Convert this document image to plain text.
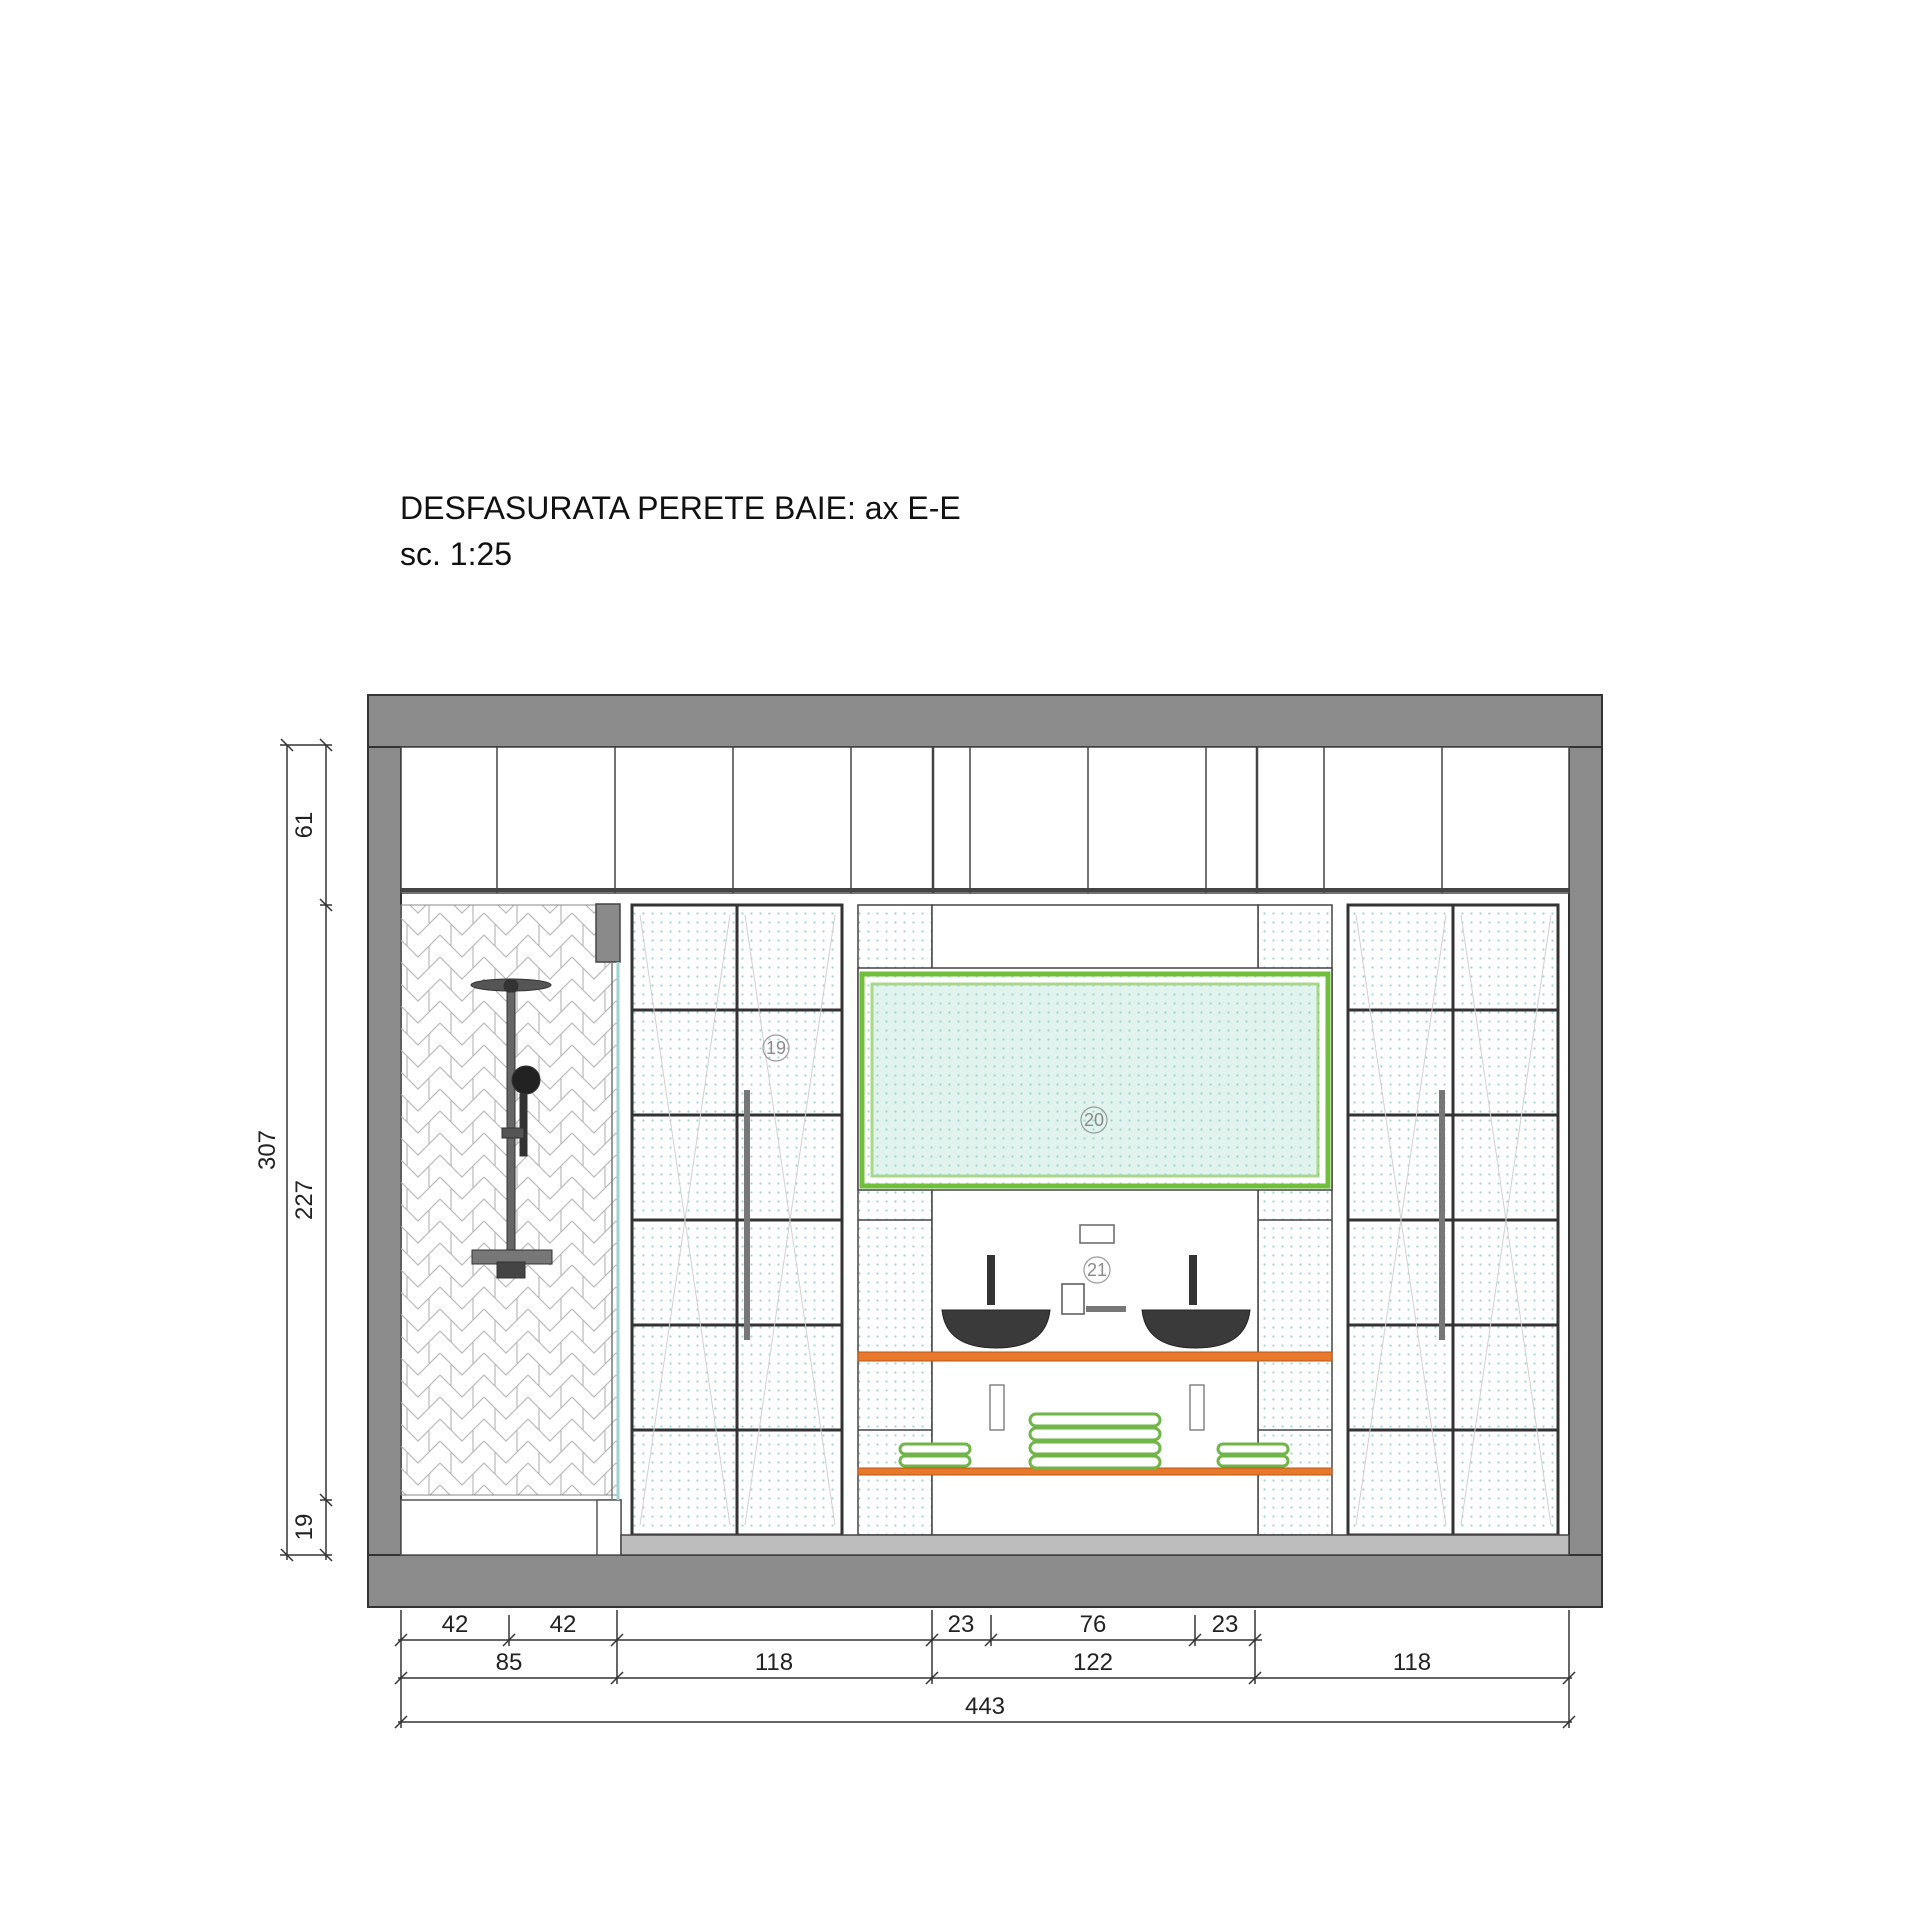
DESFASURATA PERETE BAIE: ax E-E
sc. 1:25
19
20
21
61
227
19
307
42	42	23	76	23
85	118	122	118
443
